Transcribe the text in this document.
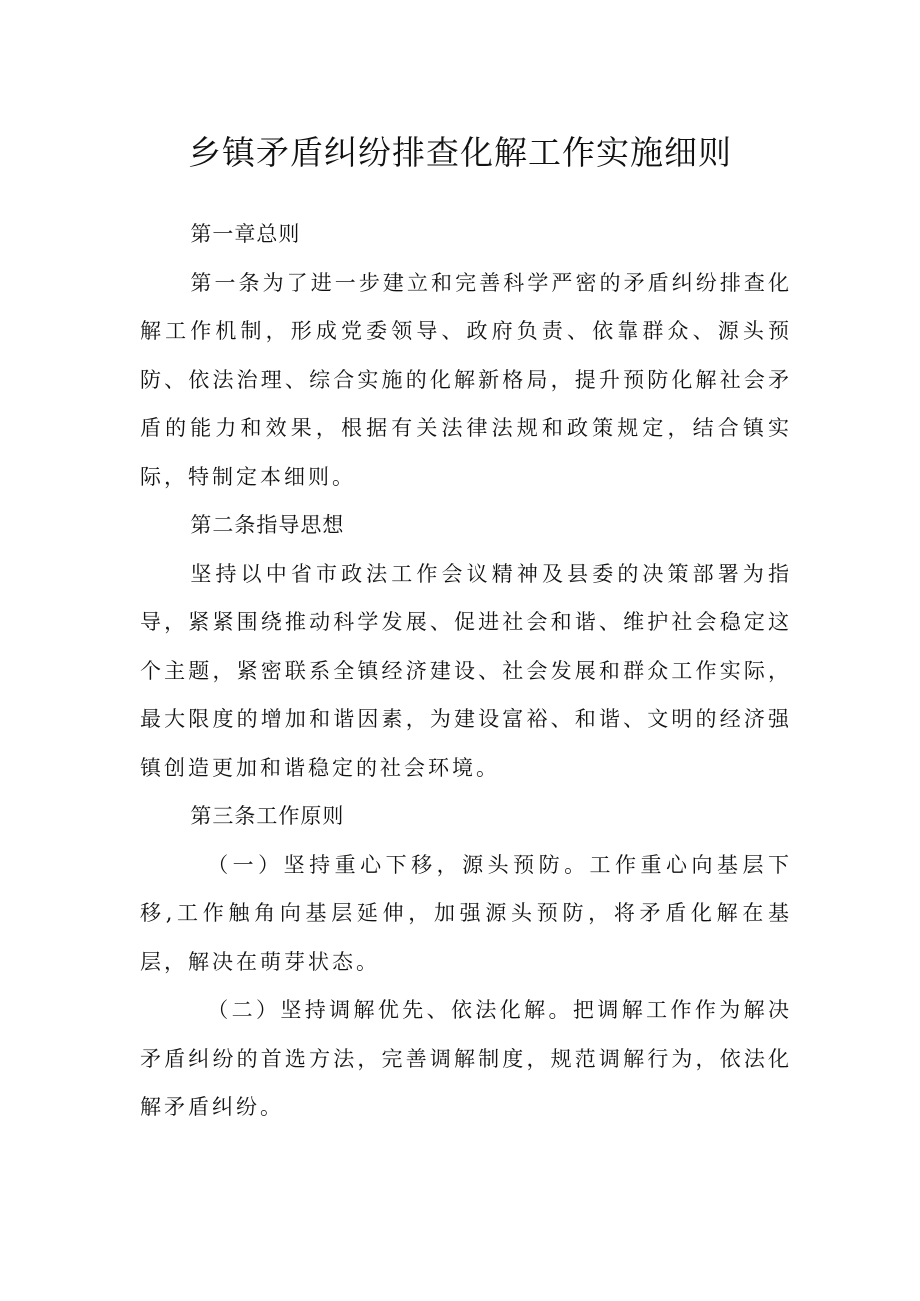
乡镇矛盾纠纷排查化解工作实施细则

第一章总则

第一条为了进一步建立和完善科学严密的矛盾纠纷排查化解工作机制，形成党委领导、政府负责、依靠群众、源头预防、依法治理、综合实施的化解新格局，提升预防化解社会矛盾的能力和效果，根据有关法律法规和政策规定，结合镇实际，特制定本细则。

第二条指导思想

坚持以中省市政法工作会议精神及县委的决策部署为指导，紧紧围绕推动科学发展、促进社会和谐、维护社会稳定这个主题，紧密联系全镇经济建设、社会发展和群众工作实际，最大限度的增加和谐因素，为建设富裕、和谐、文明的经济强镇创造更加和谐稳定的社会环境。

第三条工作原则

（一）坚持重心下移，源头预防。工作重心向基层下移,工作触角向基层延伸，加强源头预防，将矛盾化解在基层，解决在萌芽状态。

（二）坚持调解优先、依法化解。把调解工作作为解决矛盾纠纷的首选方法，完善调解制度，规范调解行为，依法化解矛盾纠纷。
